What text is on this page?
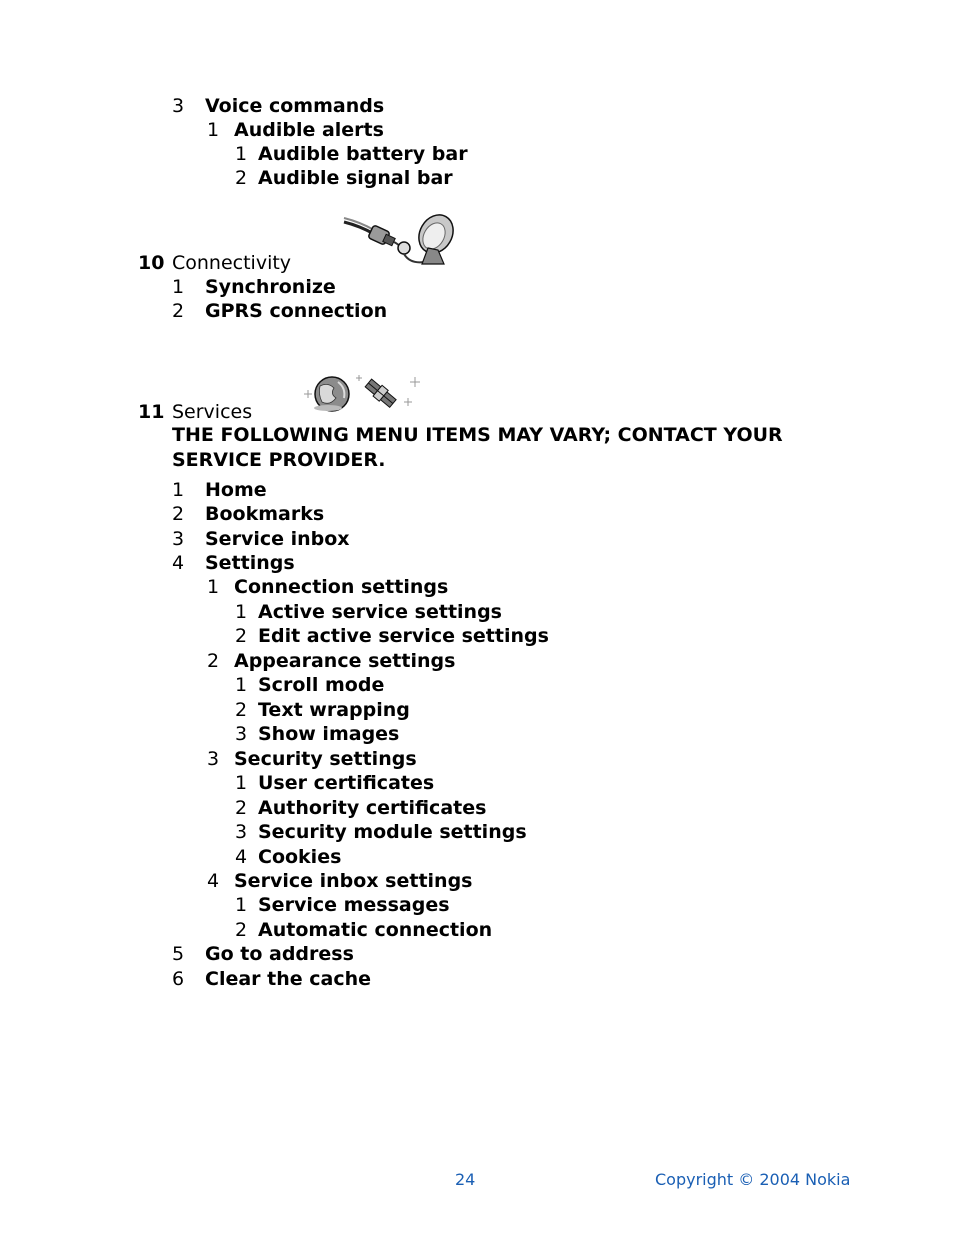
3 Voice commands
1 Audible alerts
1 Audible battery bar
2 Audible signal bar
10 Connectivity
1 Synchronize
2 GPRS connection
11 Services
THE FOLLOWING MENU ITEMS MAY VARY; CONTACT YOUR SERVICE PROVIDER.
1 Home
2 Bookmarks
3 Service inbox
4 Settings
1 Connection settings
1 Active service settings
2 Edit active service settings
2 Appearance settings
1 Scroll mode
2 Text wrapping
3 Show images
3 Security settings
1 User certificates
2 Authority certificates
3 Security module settings
4 Cookies
4 Service inbox settings
1 Service messages
2 Automatic connection
5 Go to address
6 Clear the cache
24	Copyright © 2004 Nokia
